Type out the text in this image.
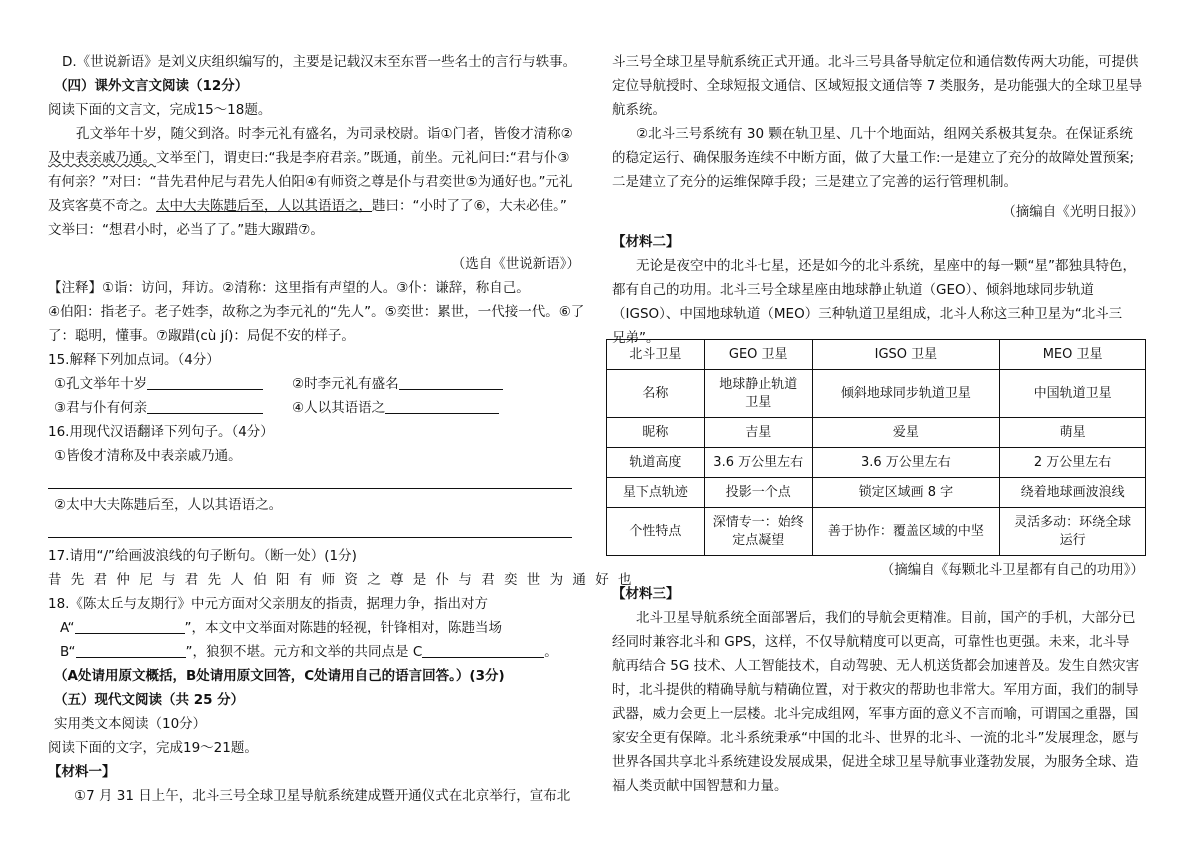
D.《世说新语》是刘义庆组织编写的，主要是记载汉末至东晋一些名士的言行与轶事。
（四）课外文言文阅读（12分）
阅读下面的文言文，完成15～18题。
孔文举年十岁，随父到洛。时李元礼有盛名，为司录校尉。诣①门者，皆俊才清称②
及中表亲戚乃通。文举至门，谓吏曰:“我是李府君亲。”既通，前坐。元礼问曰:“君与仆③
有何亲？”对曰：“昔先君仲尼与君先人伯阳④有师资之尊是仆与君奕世⑤为通好也。”元礼
及宾客莫不奇之。太中大夫陈韪后至，人以其语语之，韪曰：“小时了了⑥，大未必佳。”
文举曰：“想君小时，必当了了。”韪大踧踖⑦。
（选自《世说新语》）
【注释】①诣：访问，拜访。②清称：这里指有声望的人。③仆：谦辞，称自己。
④伯阳：指老子。老子姓李，故称之为李元礼的“先人”。⑤奕世：累世，一代接一代。⑥了
了：聪明，懂事。⑦踧踖(cù jí)：局促不安的样子。
15.解释下列加点词。（4分）
①孔文举年十岁	②时李元礼有盛名
③君与仆有何亲	④人以其语语之
16.用现代汉语翻译下列句子。（4分）
①皆俊才清称及中表亲戚乃通。
②太中大夫陈韪后至，人以其语语之。
17.请用“/”给画波浪线的句子断句。（断一处）(1分)
昔先君仲尼与君先人伯阳有师资之尊是仆与君奕世为通好也
18.《陈太丘与友期行》中元方面对父亲朋友的指责，据理力争，指出对方
A“	”，本文中文举面对陈韪的轻视，针锋相对，陈韪当场
B“	”，狼狈不堪。元方和文举的共同点是 C	。
（A处请用原文概括，B处请用原文回答，C处请用自己的语言回答。）(3分)
（五）现代文阅读（共 25 分）
实用类文本阅读（10分）
阅读下面的文字，完成19～21题。
【材料一】
①7 月 31 日上午，北斗三号全球卫星导航系统建成暨开通仪式在北京举行，宣布北
斗三号全球卫星导航系统正式开通。北斗三号具备导航定位和通信数传两大功能，可提供
定位导航授时、全球短报文通信、区域短报文通信等 7 类服务，是功能强大的全球卫星导
航系统。
②北斗三号系统有 30 颗在轨卫星、几十个地面站，组网关系极其复杂。在保证系统
的稳定运行、确保服务连续不中断方面，做了大量工作:一是建立了充分的故障处置预案;
二是建立了充分的运维保障手段；三是建立了完善的运行管理机制。
（摘编自《光明日报》）
【材料二】
无论是夜空中的北斗七星，还是如今的北斗系统，星座中的每一颗“星”都独具特色，
都有自己的功用。北斗三号全球星座由地球静止轨道（GEO）、倾斜地球同步轨道
（IGSO）、中国地球轨道（MEO）三种轨道卫星组成，北斗人称这三种卫星为“北斗三
兄弟”。
北斗卫星	GEO 卫星	IGSO 卫星	MEO 卫星
名称	地球静止轨道卫星	倾斜地球同步轨道卫星	中国轨道卫星
昵称	吉星	爱星	萌星
轨道高度	3.6 万公里左右	3.6 万公里左右	2 万公里左右
星下点轨迹	投影一个点	锁定区域画 8 字	绕着地球画波浪线
个性特点	深情专一：始终定点凝望	善于协作：覆盖区域的中坚	灵活多动：环绕全球运行
（摘编自《每颗北斗卫星都有自己的功用》）
【材料三】
北斗卫星导航系统全面部署后，我们的导航会更精准。目前，国产的手机，大部分已
经同时兼容北斗和 GPS，这样，不仅导航精度可以更高，可靠性也更强。未来，北斗导
航再结合 5G 技术、人工智能技术，自动驾驶、无人机送货都会加速普及。发生自然灾害
时，北斗提供的精确导航与精确位置，对于救灾的帮助也非常大。军用方面，我们的制导
武器，威力会更上一层楼。北斗完成组网，军事方面的意义不言而喻，可谓国之重器，国
家安全更有保障。北斗系统秉承“中国的北斗、世界的北斗、一流的北斗”发展理念，愿与
世界各国共享北斗系统建设发展成果，促进全球卫星导航事业蓬勃发展，为服务全球、造
福人类贡献中国智慧和力量。
